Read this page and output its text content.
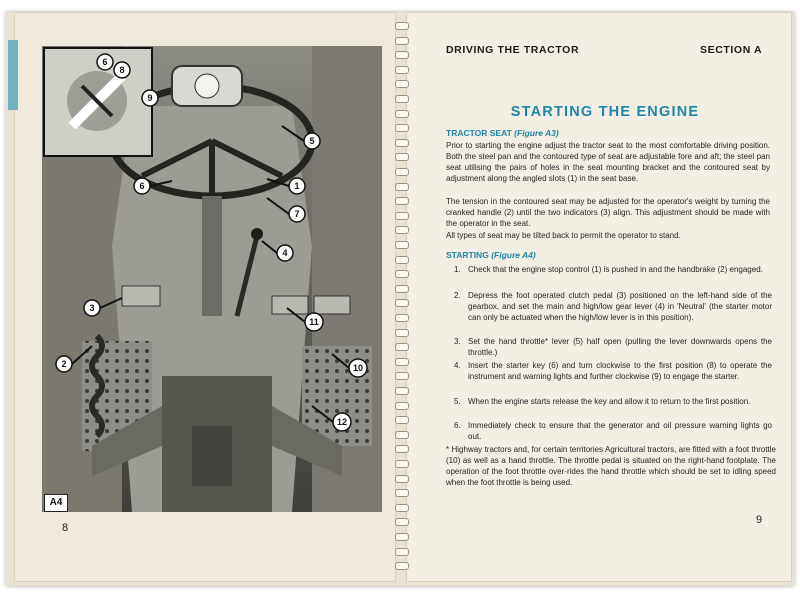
6
8
9
5
6	1
7
4
3
2
11
10
12
A4
8
DRIVING THE TRACTOR	SECTION A
STARTING THE ENGINE
TRACTOR SEAT (Figure A3)
Prior to starting the engine adjust the tractor seat to the most comfortable driving position. Both the steel pan and the contoured type of seat are adjustable fore and aft; the steel pan seat utilising the pairs of holes in the seat mounting bracket and the contoured seat by adjustment along the angled slots (1) in the seat base.
The tension in the contoured seat may be adjusted for the operator's weight by turning the cranked handle (2) until the two indicators (3) align. This adjustment should be made with the operator in the seat.
All types of seat may be tilted back to permit the operator to stand.
STARTING (Figure A4)
1. Check that the engine stop control (1) is pushed in and the handbrake (2) engaged.
2. Depress the foot operated clutch pedal (3) positioned on the left-hand side of the gearbox, and set the main and high/low gear lever (4) in 'Neutral' (the starter motor can only be actuated when the high/low lever is in this position).
3. Set the hand throttle* lever (5) half open (pulling the lever downwards opens the throttle.)
4. Insert the starter key (6) and turn clockwise to the first position (8) to operate the instrument and warning lights and further clockwise (9) to engage the starter.
5. When the engine starts release the key and allow it to return to the first position.
6. Immediately check to ensure that the generator and oil pressure warning lights go out.
* Highway tractors and, for certain territories Agricultural tractors, are fitted with a foot throttle (10) as well as a hand throttle. The throttle pedal is situated on the right-hand footplate. The operation of the foot throttle over-rides the hand throttle which should be set to idling speed when the foot throttle is being used.
9
